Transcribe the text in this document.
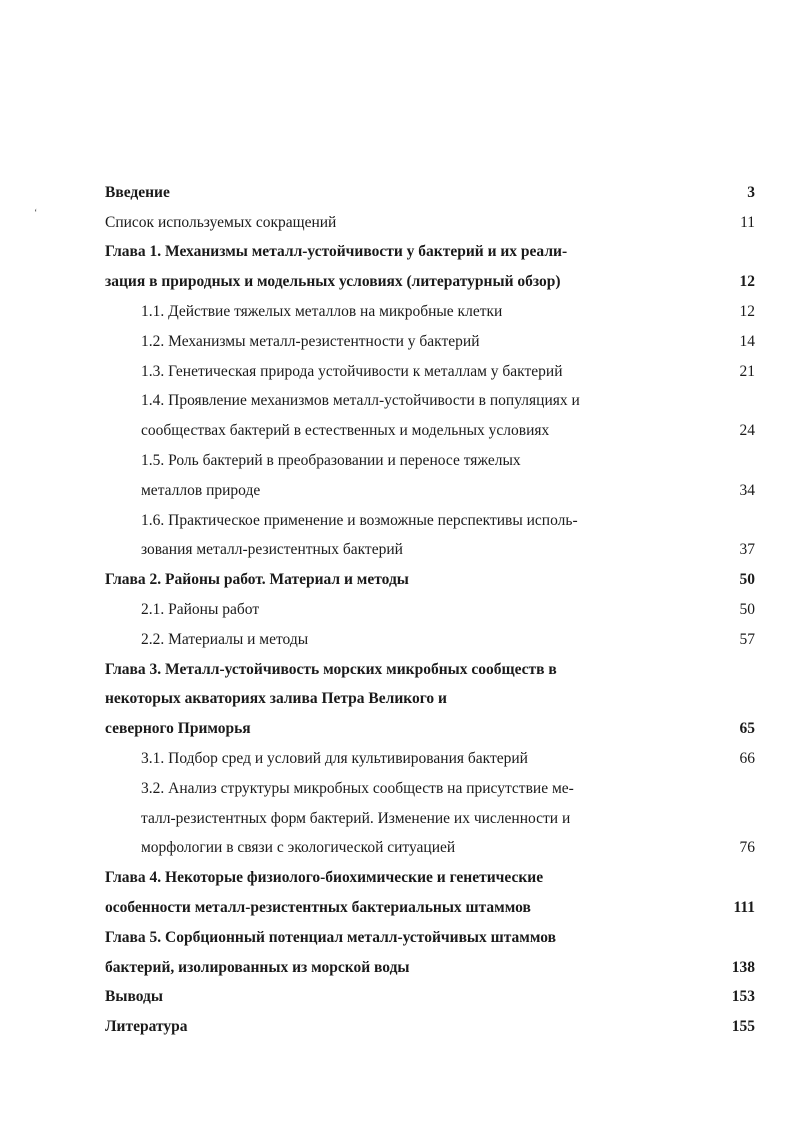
ʻ
Введение	3
Список используемых сокращений	11
Глава 1. Механизмы металл-устойчивости у бактерий и их реали-
зация в природных и модельных условиях (литературный обзор)	12
1.1. Действие тяжелых металлов на микробные клетки	12
1.2. Механизмы металл-резистентности у бактерий	14
1.3. Генетическая природа устойчивости к металлам у бактерий	21
1.4. Проявление механизмов металл-устойчивости в популяциях и
сообществах бактерий в естественных и модельных условиях	24
1.5. Роль бактерий в преобразовании и переносе тяжелых
металлов природе	34
1.6. Практическое применение и возможные перспективы исполь-
зования металл-резистентных бактерий	37
Глава 2. Районы работ. Материал и методы	50
2.1. Районы работ	50
2.2. Материалы и методы	57
Глава 3. Металл-устойчивость морских микробных сообществ в
некоторых акваториях залива Петра Великого и
северного Приморья	65
3.1. Подбор сред и условий для культивирования бактерий	66
3.2. Анализ структуры микробных сообществ на присутствие ме-
талл-резистентных форм бактерий. Изменение их численности и
морфологии в связи с экологической ситуацией	76
Глава 4. Некоторые физиолого-биохимические и генетические
особенности металл-резистентных бактериальных штаммов	111
Глава 5. Сорбционный потенциал металл-устойчивых штаммов
бактерий, изолированных из морской воды	138
Выводы	153
Литература	155
